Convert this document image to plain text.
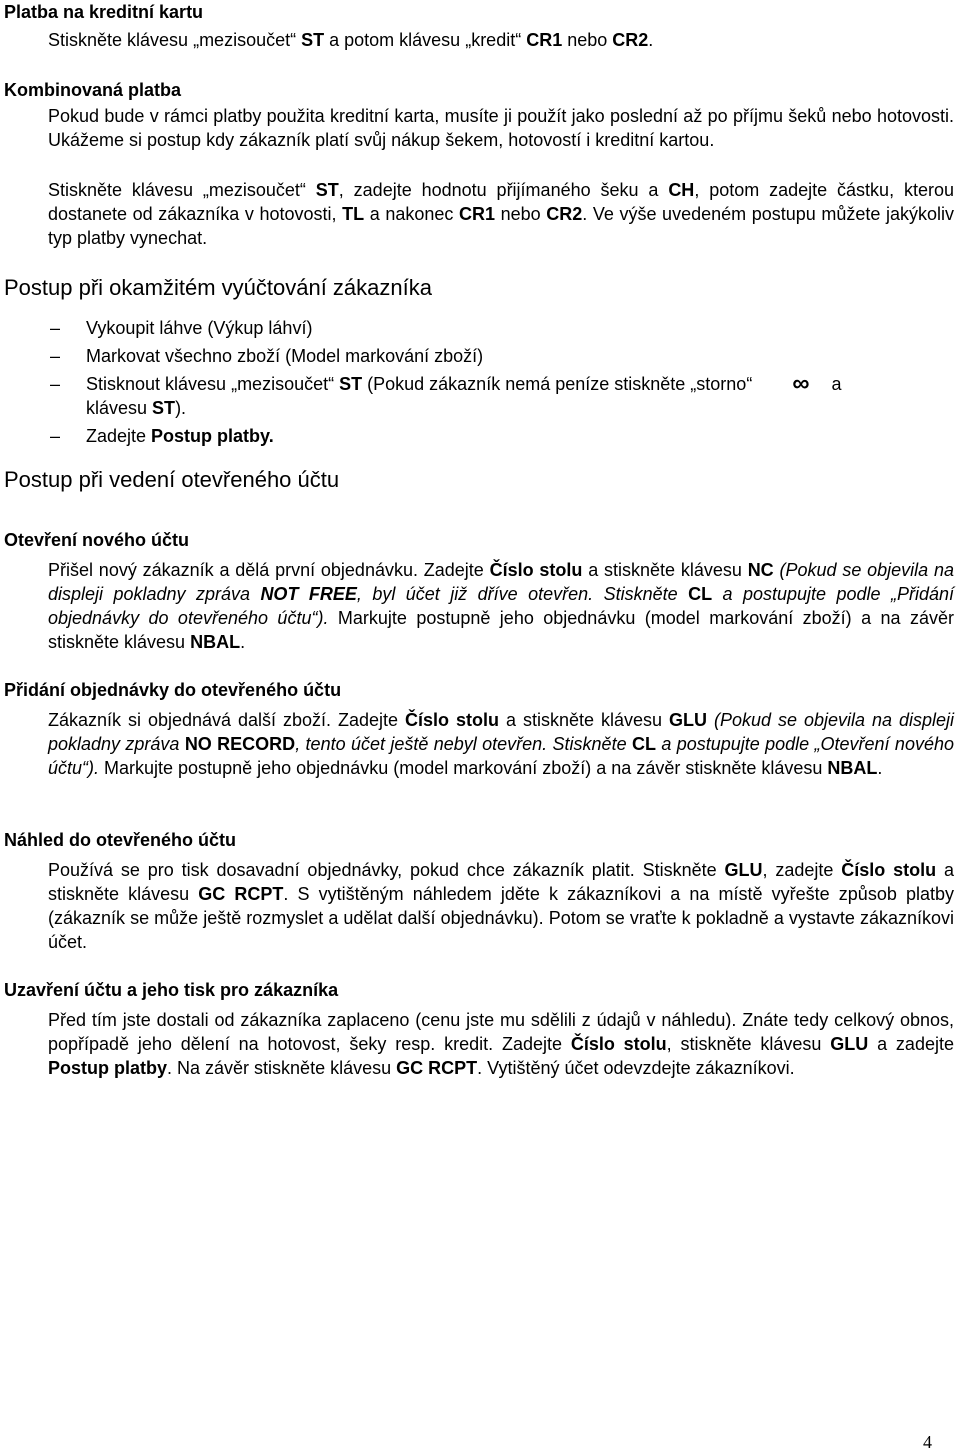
Platba na kreditní kartu
Stiskněte klávesu „mezisoučet“ ST a potom klávesu „kredit“ CR1 nebo CR2.
Kombinovaná platba
Pokud bude v rámci platby použita kreditní karta, musíte ji použít jako poslední až po příjmu šeků nebo hotovosti. Ukážeme si postup kdy zákazník platí svůj nákup šekem, hotovostí i kreditní kartou.
Stiskněte klávesu „mezisoučet“ ST, zadejte hodnotu přijímaného šeku a CH, potom zadejte částku, kterou dostanete od zákazníka v hotovosti, TL a nakonec CR1 nebo CR2. Ve výše uvedeném postupu můžete jakýkoliv typ platby vynechat.
Postup při okamžitém vyúčtování zákazníka
– Vykoupit láhve (Výkup láhví)
– Markovat všechno zboží (Model markování zboží)
– Stisknout klávesu „mezisoučet“ ST (Pokud zákazník nemá peníze stiskněte „storno“ ∞ a klávesu ST).
– Zadejte Postup platby.
Postup při vedení otevřeného účtu
Otevření nového účtu
Přišel nový zákazník a dělá první objednávku. Zadejte Číslo stolu a stiskněte klávesu NC (Pokud se objevila na displeji pokladny zpráva NOT FREE, byl účet již dříve otevřen. Stiskněte CL a postupujte podle „Přidání objednávky do otevřeného účtu“). Markujte postupně jeho objednávku (model markování zboží) a na závěr stiskněte klávesu NBAL.
Přidání objednávky do otevřeného účtu
Zákazník si objednává další zboží. Zadejte Číslo stolu a stiskněte klávesu GLU (Pokud se objevila na displeji pokladny zpráva NO RECORD, tento účet ještě nebyl otevřen. Stiskněte CL a postupujte podle „Otevření nového účtu“). Markujte postupně jeho objednávku (model markování zboží) a na závěr stiskněte klávesu NBAL.
Náhled do otevřeného účtu
Používá se pro tisk dosavadní objednávky, pokud chce zákazník platit. Stiskněte GLU, zadejte Číslo stolu a stiskněte klávesu GC RCPT. S vytištěným náhledem jděte k zákazníkovi a na místě vyřešte způsob platby (zákazník se může ještě rozmyslet a udělat další objednávku). Potom se vraťte k pokladně a vystavte zákazníkovi účet.
Uzavření účtu a jeho tisk pro zákazníka
Před tím jste dostali od zákazníka zaplaceno (cenu jste mu sdělili z údajů v náhledu). Znáte tedy celkový obnos, popřípadě jeho dělení na hotovost, šeky resp. kredit. Zadejte Číslo stolu, stiskněte klávesu GLU a zadejte Postup platby. Na závěr stiskněte klávesu GC RCPT. Vytištěný účet odevzdejte zákazníkovi.
4
